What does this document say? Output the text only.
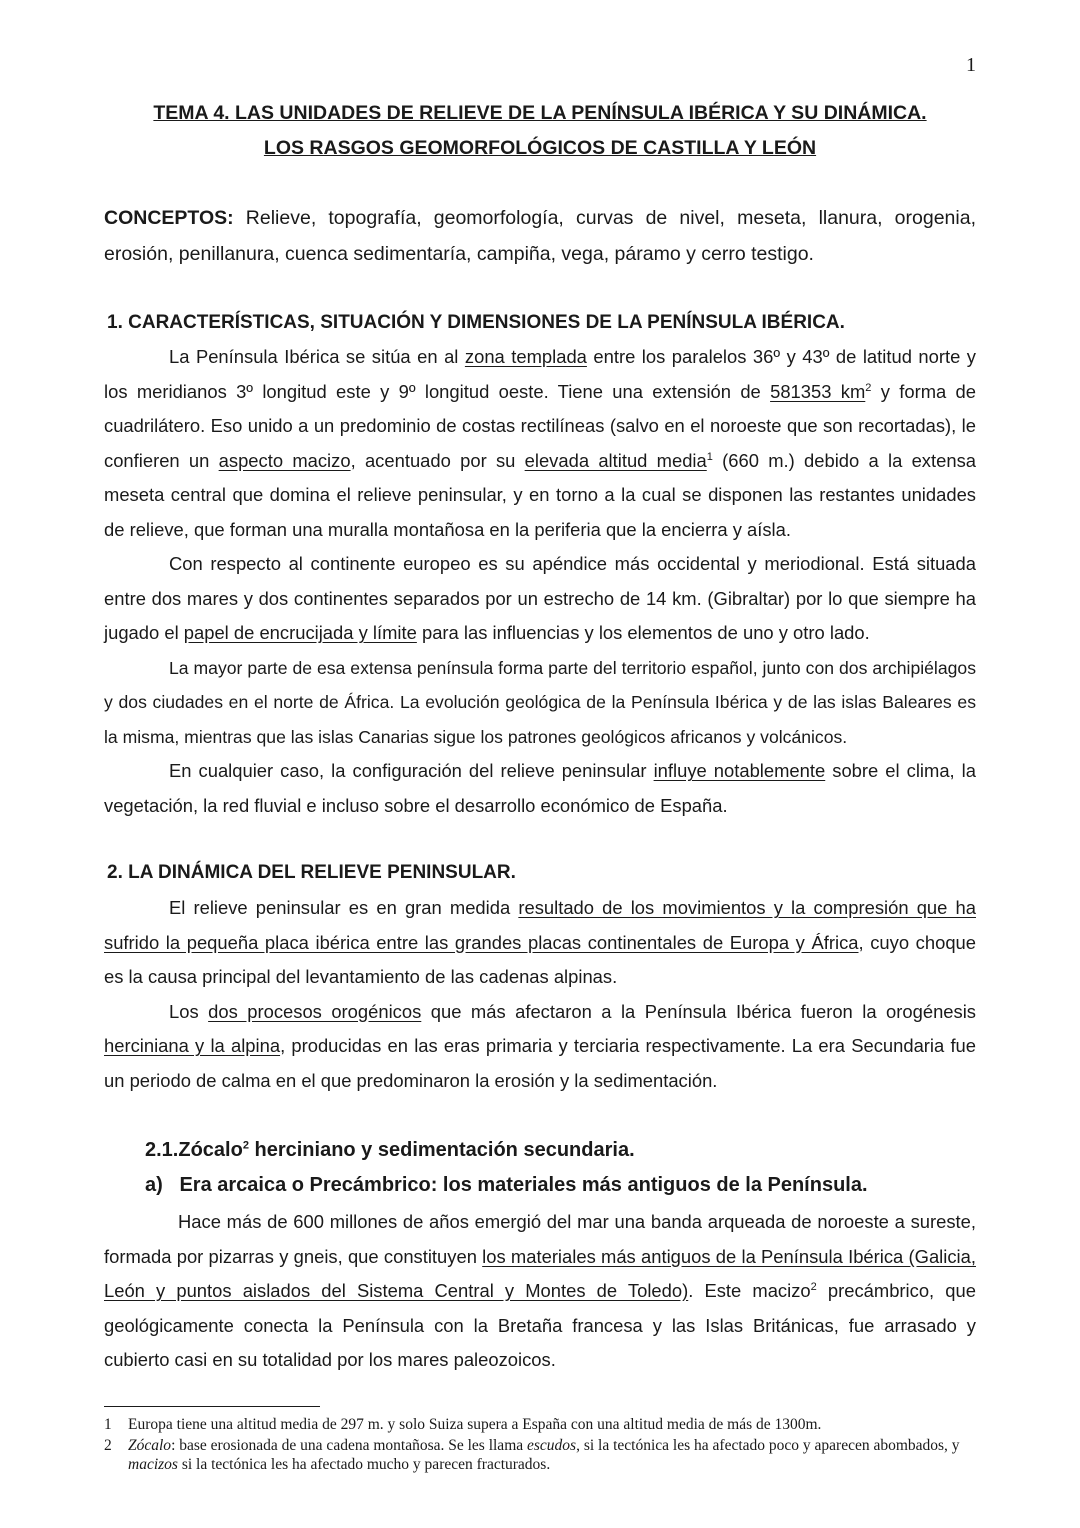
1
TEMA 4. LAS UNIDADES DE RELIEVE DE LA PENÍNSULA IBÉRICA Y SU DINÁMICA.
LOS RASGOS GEOMORFOLÓGICOS DE CASTILLA Y LEÓN

CONCEPTOS: Relieve, topografía, geomorfología, curvas de nivel, meseta, llanura, orogenia, erosión, penillanura, cuenca sedimentaría, campiña, vega, páramo y cerro testigo.

1. CARACTERÍSTICAS, SITUACIÓN Y DIMENSIONES DE LA PENÍNSULA IBÉRICA.

La Península Ibérica se sitúa en al zona templada entre los paralelos 36º y 43º de latitud norte y los meridianos 3º longitud este y 9º longitud oeste. Tiene una extensión de 581353 $km^2$ y forma de cuadrilátero. Eso unido a un predominio de costas rectilíneas (salvo en el noroeste que son recortadas), le confieren un aspecto macizo, acentuado por su elevada altitud media$^1$ (660 m.) debido a la extensa meseta central que domina el relieve peninsular, y en torno a la cual se disponen las restantes unidades de relieve, que forman una muralla montañosa en la periferia que la encierra y aísla.

Con respecto al continente europeo es su apéndice más occidental y meriodional. Está situada entre dos mares y dos continentes separados por un estrecho de 14 km. (Gibraltar) por lo que siempre ha jugado el papel de encrucijada y límite para las influencias y los elementos de uno y otro lado.

La mayor parte de esa extensa península forma parte del territorio español, junto con dos archipiélagos y dos ciudades en el norte de África. La evolución geológica de la Península Ibérica y de las islas Baleares es la misma, mientras que las islas Canarias sigue los patrones geológicos africanos y volcánicos.

En cualquier caso, la configuración del relieve peninsular influye notablemente sobre el clima, la vegetación, la red fluvial e incluso sobre el desarrollo económico de España.

2. LA DINÁMICA DEL RELIEVE PENINSULAR.

El relieve peninsular es en gran medida resultado de los movimientos y la compresión que ha sufrido la pequeña placa ibérica entre las grandes placas continentales de Europa y África, cuyo choque es la causa principal del levantamiento de las cadenas alpinas.

Los dos procesos orogénicos que más afectaron a la Península Ibérica fueron la orogénesis herciniana y la alpina, producidas en las eras primaria y terciaria respectivamente. La era Secundaria fue un periodo de calma en el que predominaron la erosión y la sedimentación.

2.1.Zócalo$^2$ herciniano y sedimentación secundaria.
a)   Era arcaica o Precámbrico: los materiales más antiguos de la Península.

Hace más de 600 millones de años emergió del mar una banda arqueada de noroeste a sureste, formada por pizarras y gneis, que constituyen los materiales más antiguos de la Península Ibérica (Galicia, León y puntos aislados del Sistema Central y Montes de Toledo). Este macizo$^2$ precámbrico, que geológicamente conecta la Península con la Bretaña francesa y las Islas Británicas, fue arrasado y cubierto casi en su totalidad por los mares paleozoicos.

1 Europa tiene una altitud media de 297 m. y solo Suiza supera a España con una altitud media de más de 1300m.
2 Zócalo: base erosionada de una cadena montañosa. Se les llama escudos, si la tectónica les ha afectado poco y aparecen abombados, y macizos si la tectónica les ha afectado mucho y parecen fracturados.
